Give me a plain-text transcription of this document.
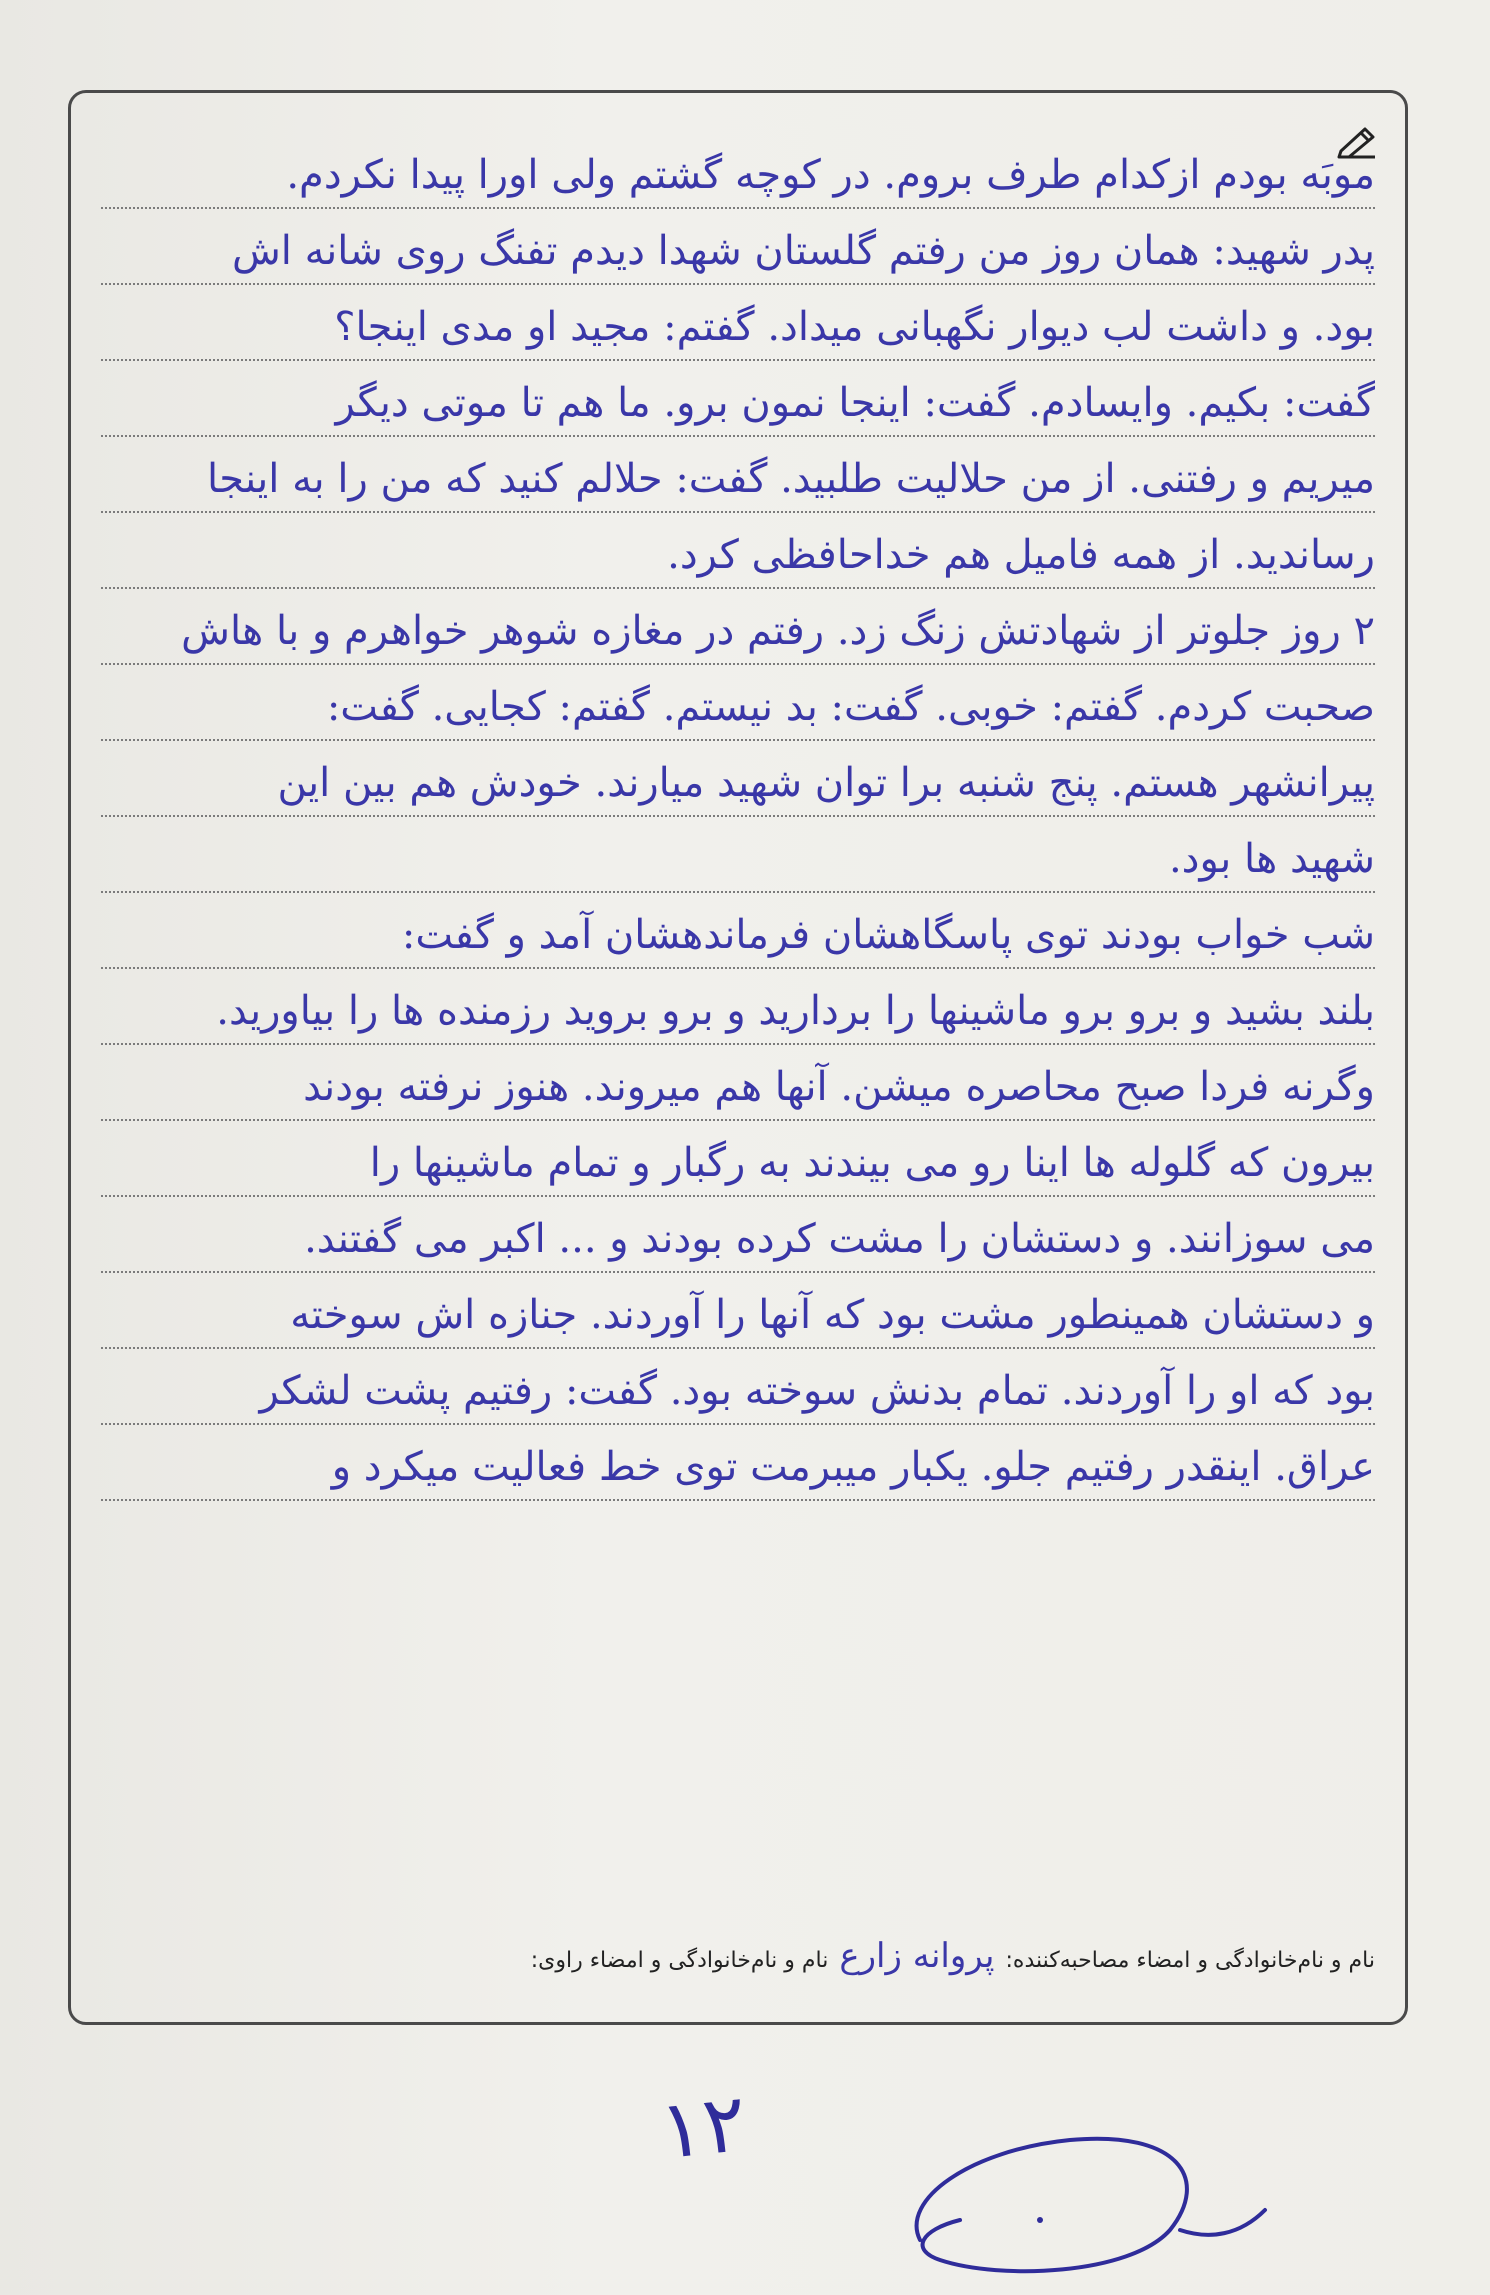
موبَه بودم ازکدام طرف بروم. در کوچه گشتم ولی اورا پیدا نکردم.
پدر شهید: همان روز من رفتم گلستان شهدا دیدم تفنگ روی شانه اش
بود. و داشت لب دیوار نگهبانی میداد. گفتم: مجید او مدی اینجا؟
گفت: بکیم. وایسادم. گفت: اینجا نمون برو. ما هم تا موتی دیگر
میریم و رفتنی. از من حلالیت طلبید. گفت: حلالم کنید که من را به اینجا
رساندید. از همه فامیل هم خداحافظی کرد.
۲ روز جلوتر از شهادتش زنگ زد. رفتم در مغازه شوهر خواهرم و با هاش
صحبت کردم. گفتم: خوبی. گفت: بد نیستم. گفتم: کجایی. گفت:
پیرانشهر هستم. پنج شنبه برا توان شهید میارند. خودش هم بین این
شهید ها بود.
شب خواب بودند توی پاسگاهشان فرماندهشان آمد و گفت:
بلند بشید و برو برو ماشینها را بردارید و برو بروید رزمنده ها را بیاورید.
وگرنه فردا صبح محاصره میشن. آنها هم میروند. هنوز نرفته بودند
بیرون که گلوله ها اینا رو می بیندند به رگبار و تمام ماشینها را
می سوزانند. و دستشان را مشت کرده بودند و ... اکبر می گفتند.
و دستشان همینطور مشت بود که آنها را آوردند. جنازه اش سوخته
بود که او را آوردند. تمام بدنش سوخته بود. گفت: رفتیم پشت لشکر
عراق. اینقدر رفتیم جلو. یکبار میبرمت توی خط فعالیت میکرد و
نام و نام‌خانوادگی و امضاء مصاحبه‌کننده: پروانه زارع نام و نام‌خانوادگی و امضاء راوی:
۱۲
